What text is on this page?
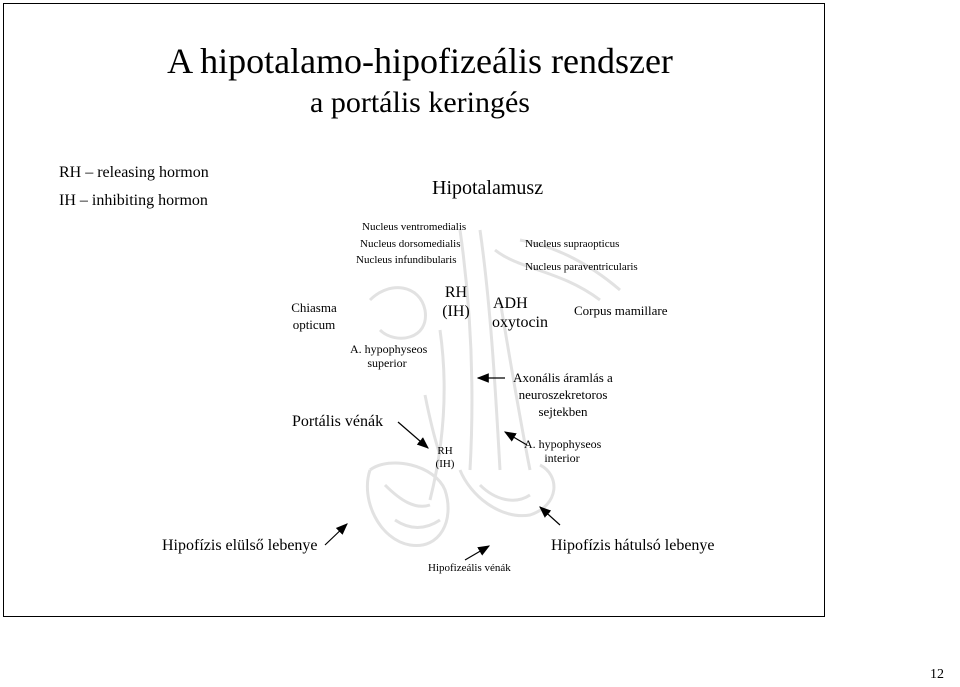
A hipotalamo-hipofizeális rendszer
a portális keringés
RH – releasing hormon
IH – inhibiting hormon
Hipotalamusz
Nucleus ventromedialis
Nucleus dorsomedialis
Nucleus infundibularis
Nucleus supraopticus
Nucleus paraventricularis
Chiasma
opticum
RH
(IH)	ADH
oxytocin
Corpus mamillare
A. hypophyseos
superior
Axonális áramlás a
neuroszekretoros
sejtekben
Portális vénák
RH
(IH)
A. hypophyseos
interior
Hipofízis elülső lebenye	Hipofízis hátulsó lebenye
Hipofizeális vénák
12
